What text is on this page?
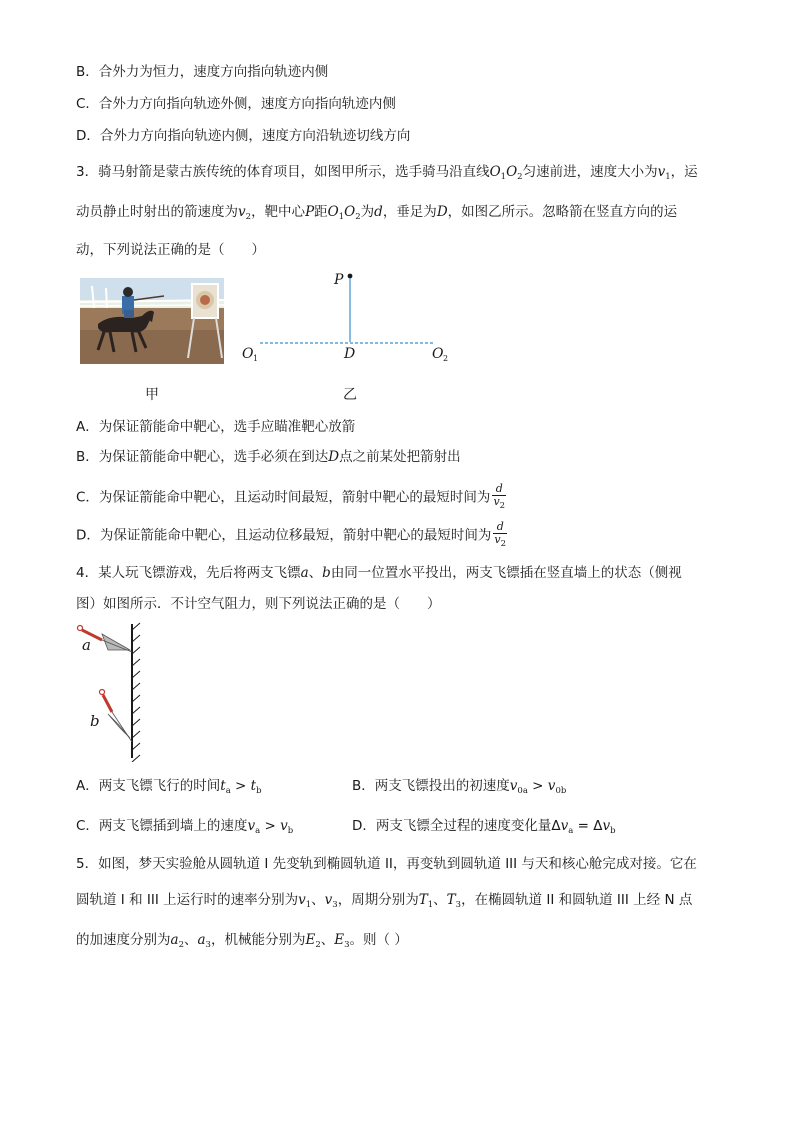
B．合外力为恒力，速度方向指向轨迹内侧
C．合外力方向指向轨迹外侧，速度方向指向轨迹内侧
D．合外力方向指向轨迹内侧，速度方向沿轨迹切线方向
3．骑马射箭是蒙古族传统的体育项目，如图甲所示，选手骑马沿直线$O_1O_2$匀速前进，速度大小为$v_1$，运
动员静止时射出的箭速度为$v_2$，靶中心P距$O_1O_2$为d，垂足为D，如图乙所示。忽略箭在竖直方向的运
动，下列说法正确的是（　　）
甲
P
D
O 1	O 2
乙
A．为保证箭能命中靶心，选手应瞄准靶心放箭
B．为保证箭能命中靶心，选手必须在到达D点之前某处把箭射出
C．为保证箭能命中靶心，且运动时间最短，箭射中靶心的最短时间为 $\frac{d}{v_2}$
D．为保证箭能命中靶心，且运动位移最短，箭射中靶心的最短时间为 $\frac{d}{v_2}$
4．某人玩飞镖游戏，先后将两支飞镖a、b由同一位置水平投出，两支飞镖插在竖直墙上的状态（侧视
图）如图所示．不计空气阻力，则下列说法正确的是（　　）
a
b
A．两支飞镖飞行的时间$t_a > t_b$	B．两支飞镖投出的初速度$v_{0a} > v_{0b}$
C．两支飞镖插到墙上的速度$v_a > v_b$	D．两支飞镖全过程的速度变化量$\Delta v_a = \Delta v_b$
5．如图，梦天实验舱从圆轨道 I 先变轨到椭圆轨道 II，再变轨到圆轨道 III 与天和核心舱完成对接。它在
圆轨道 I 和 III 上运行时的速率分别为$v_1$、$v_3$，周期分别为$T_1$、$T_3$，在椭圆轨道 II 和圆轨道 III 上经 N 点
的加速度分别为$a_2$、$a_3$，机械能分别为$E_2$、$E_3$。则（ ）
